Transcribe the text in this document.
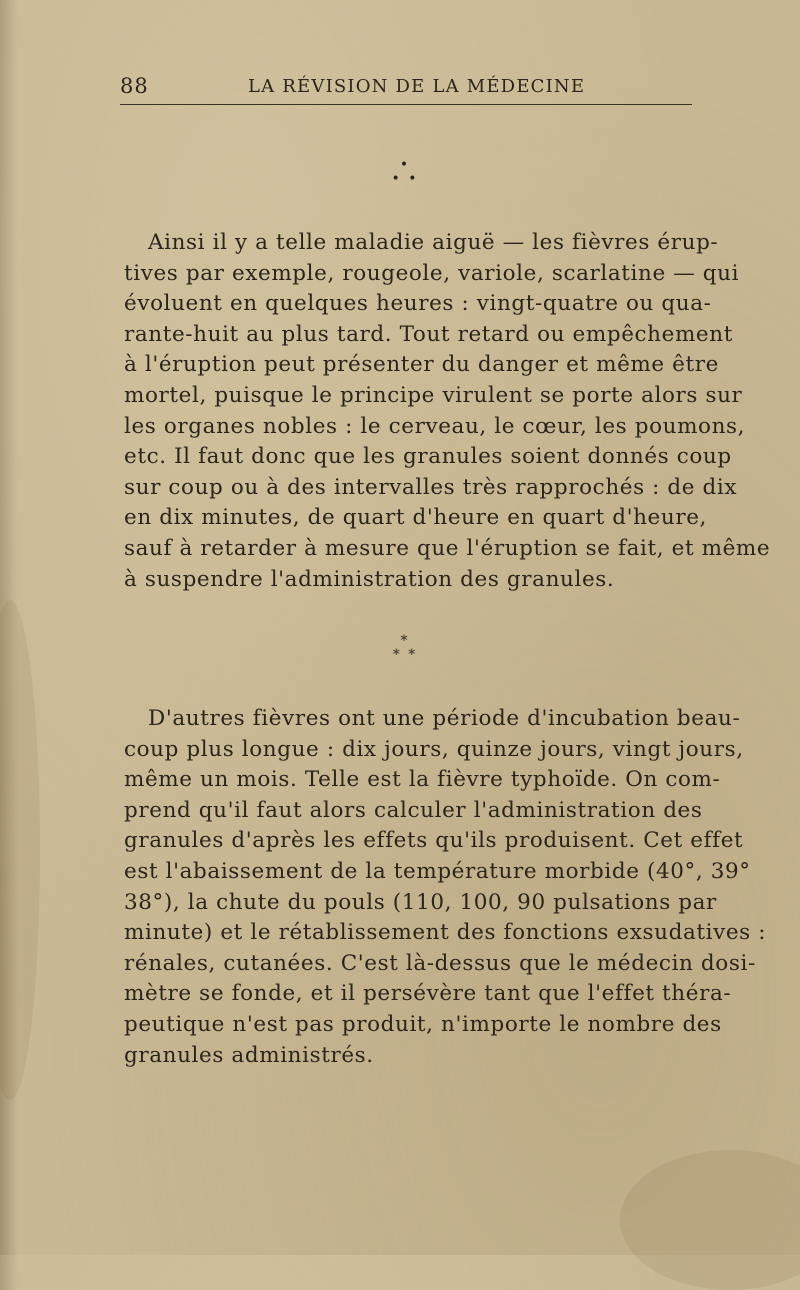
88	LA RÉVISION DE LA MÉDECINE
•
• •
Ainsi il y a telle maladie aiguë — les fièvres érup-
tives par exemple, rougeole, variole, scarlatine — qui
évoluent en quelques heures : vingt-quatre ou qua-
rante-huit au plus tard. Tout retard ou empêchement
à l'éruption peut présenter du danger et même être
mortel, puisque le principe virulent se porte alors sur
les organes nobles : le cerveau, le cœur, les poumons,
etc. Il faut donc que les granules soient donnés coup
sur coup ou à des intervalles très rapprochés : de dix
en dix minutes, de quart d'heure en quart d'heure,
sauf à retarder à mesure que l'éruption se fait, et même
à suspendre l'administration des granules.
*
* *
D'autres fièvres ont une période d'incubation beau-
coup plus longue : dix jours, quinze jours, vingt jours,
même un mois. Telle est la fièvre typhoïde. On com-
prend qu'il faut alors calculer l'administration des
granules d'après les effets qu'ils produisent. Cet effet
est l'abaissement de la température morbide (40°, 39°
38°), la chute du pouls (110, 100, 90 pulsations par
minute) et le rétablissement des fonctions exsudatives :
rénales, cutanées. C'est là-dessus que le médecin dosi-
mètre se fonde, et il persévère tant que l'effet théra-
peutique n'est pas produit, n'importe le nombre des
granules administrés.
